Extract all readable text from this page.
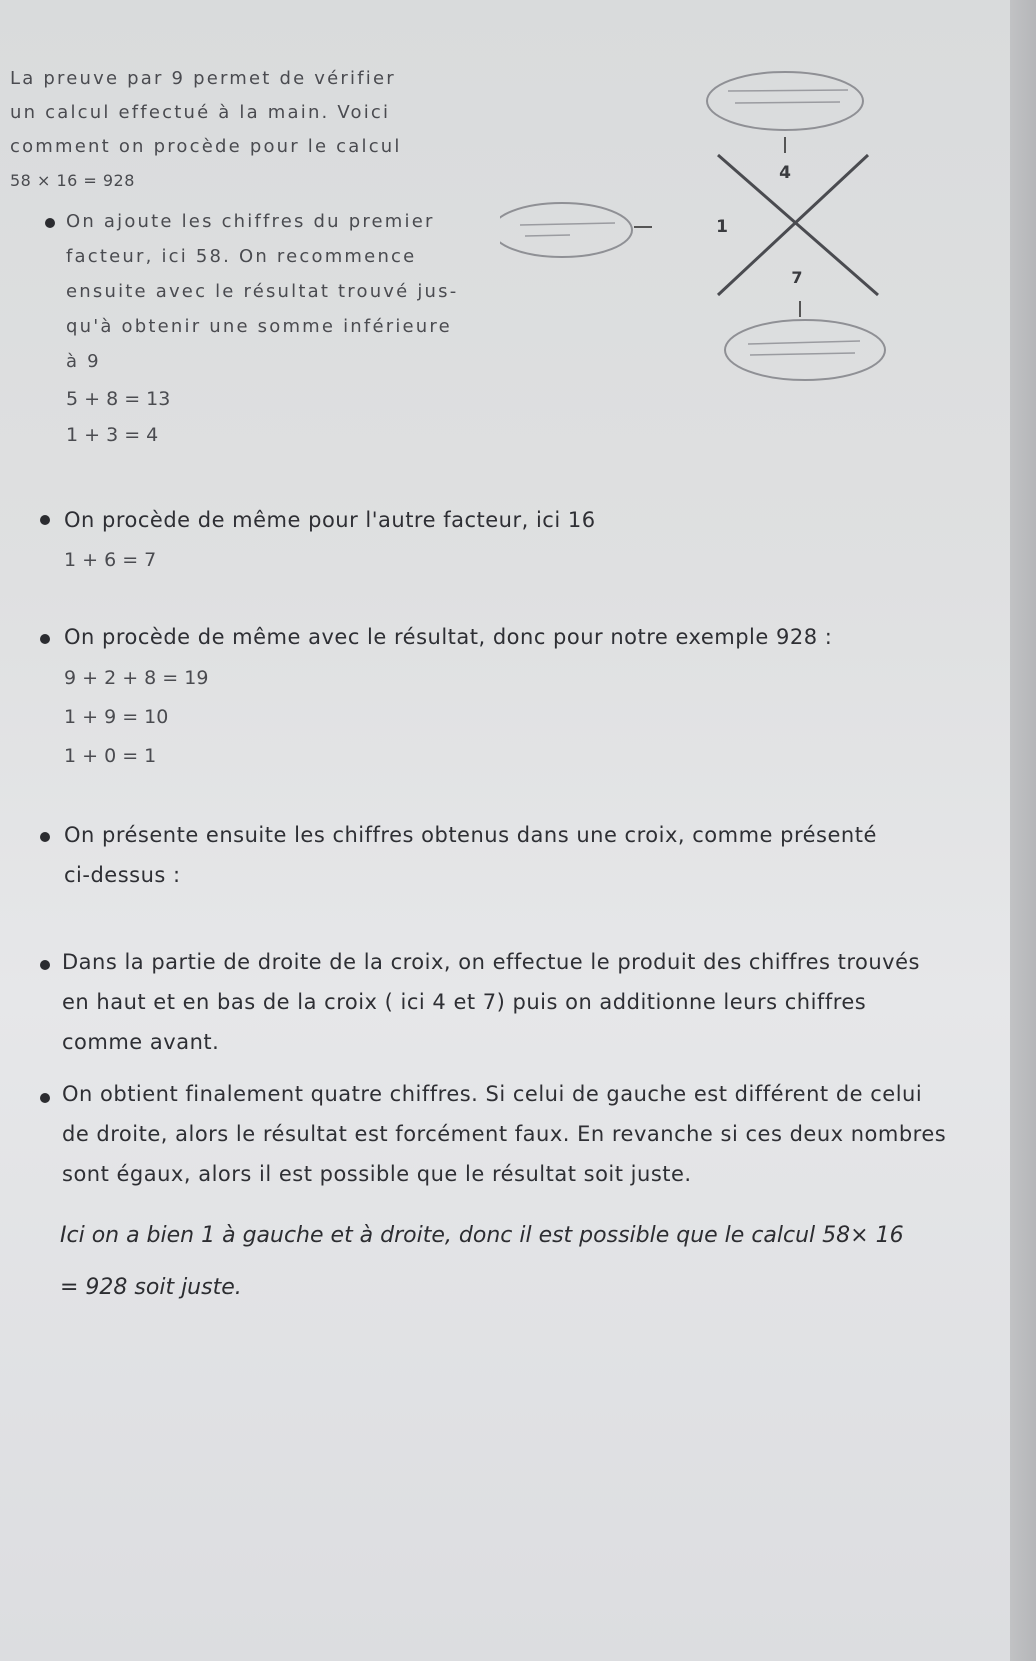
La preuve par 9 permet de vérifier
un calcul effectué à la main. Voici
comment on procède pour le calcul
58 × 16 = 928
On ajoute les chiffres du premier
facteur, ici 58. On recommence
ensuite avec le résultat trouvé jus-
qu'à obtenir une somme inférieure
à 9
5 + 8 = 13
1 + 3 = 4
4
1
7
On procède de même pour l'autre facteur, ici 16
1 + 6 = 7
On procède de même avec le résultat, donc pour notre exemple 928 :
9 + 2 + 8 = 19
1 + 9 = 10
1 + 0 = 1
On présente ensuite les chiffres obtenus dans une croix, comme présenté
ci-dessus :
Dans la partie de droite de la croix, on effectue le produit des chiffres trouvés
en haut et en bas de la croix ( ici 4 et 7) puis on additionne leurs chiffres
comme avant.
On obtient finalement quatre chiffres. Si celui de gauche est différent de celui
de droite, alors le résultat est forcément faux. En revanche si ces deux nombres
sont égaux, alors il est possible que le résultat soit juste.
Ici on a bien 1 à gauche et à droite, donc il est possible que le calcul 58× 16
= 928 soit juste.
